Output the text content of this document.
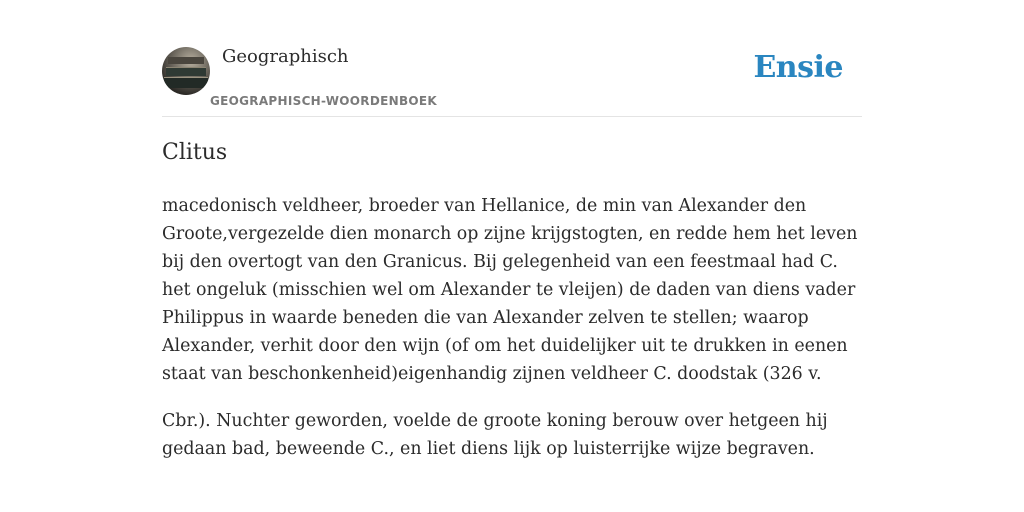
Geographisch
GEOGRAPHISCH-WOORDENBOEK
Ensie
Clitus

macedonisch veldheer, broeder van Hellanice, de min van Alexander den Groote,vergezelde dien monarch op zijne krijgstogten, en redde hem het leven bij den overtogt van den Granicus. Bij gelegenheid van een feestmaal had C. het ongeluk (misschien wel om Alexander te vleijen) de daden van diens vader Philippus in waarde beneden die van Alexander zelven te stellen; waarop Alexander, verhit door den wijn (of om het duidelijker uit te drukken in eenen staat van beschonkenheid)eigenhandig zijnen veldheer C. doodstak (326 v.

Cbr.). Nuchter geworden, voelde de groote koning berouw over hetgeen hij gedaan bad, beweende C., en liet diens lijk op luisterrijke wijze begraven.
